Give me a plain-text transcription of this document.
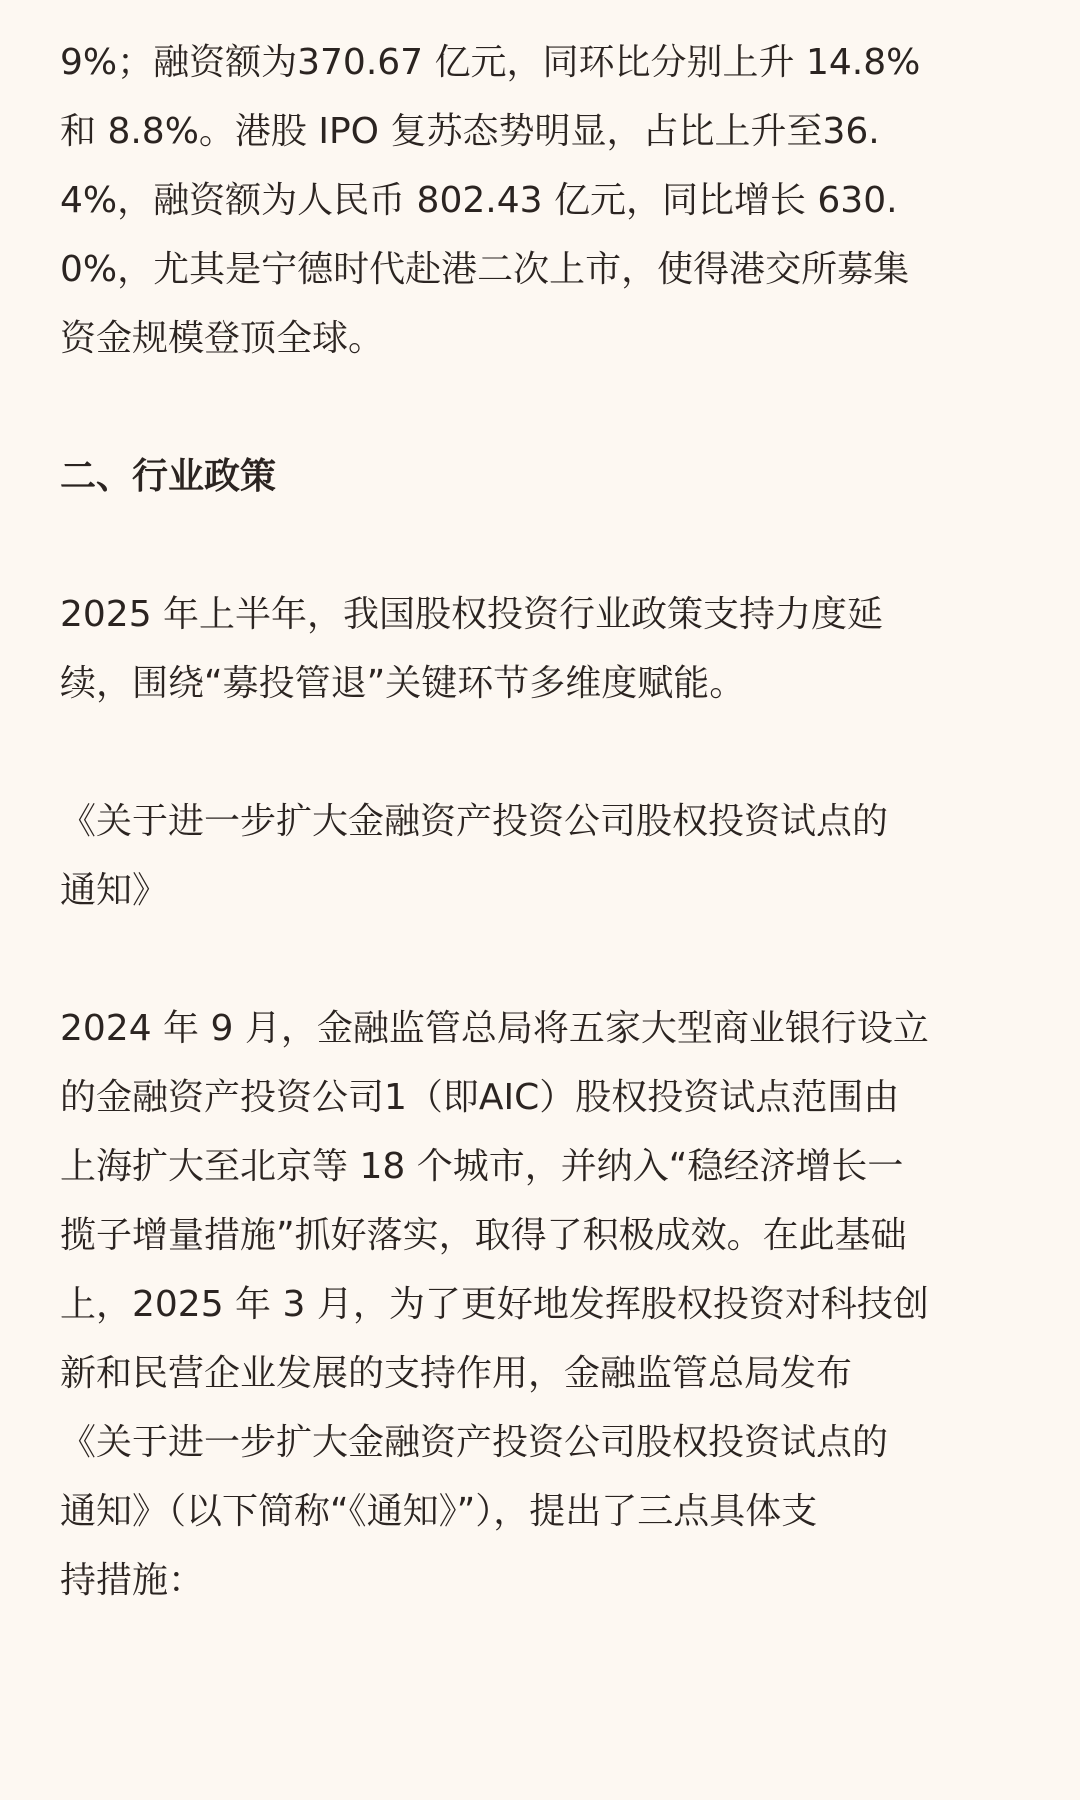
9%；融资额为370.67 亿元，同环比分别上升 14.8%
和 8.8%。港股 IPO 复苏态势明显，占比上升至36.
4%，融资额为人民币 802.43 亿元，同比增长 630.
0%，尤其是宁德时代赴港二次上市，使得港交所募集
资金规模登顶全球。

二、行业政策

2025 年上半年，我国股权投资行业政策支持力度延
续，围绕“募投管退”关键环节多维度赋能。

《关于进一步扩大金融资产投资公司股权投资试点的
通知》

2024 年 9 月，金融监管总局将五家大型商业银行设立
的金融资产投资公司1（即AIC）股权投资试点范围由
上海扩大至北京等 18 个城市，并纳入“稳经济增长一
揽子增量措施”抓好落实，取得了积极成效。在此基础
上，2025 年 3 月，为了更好地发挥股权投资对科技创
新和民营企业发展的支持作用，金融监管总局发布
《关于进一步扩大金融资产投资公司股权投资试点的
通知》（以下简称“《通知》”），提出了三点具体支
持措施：
